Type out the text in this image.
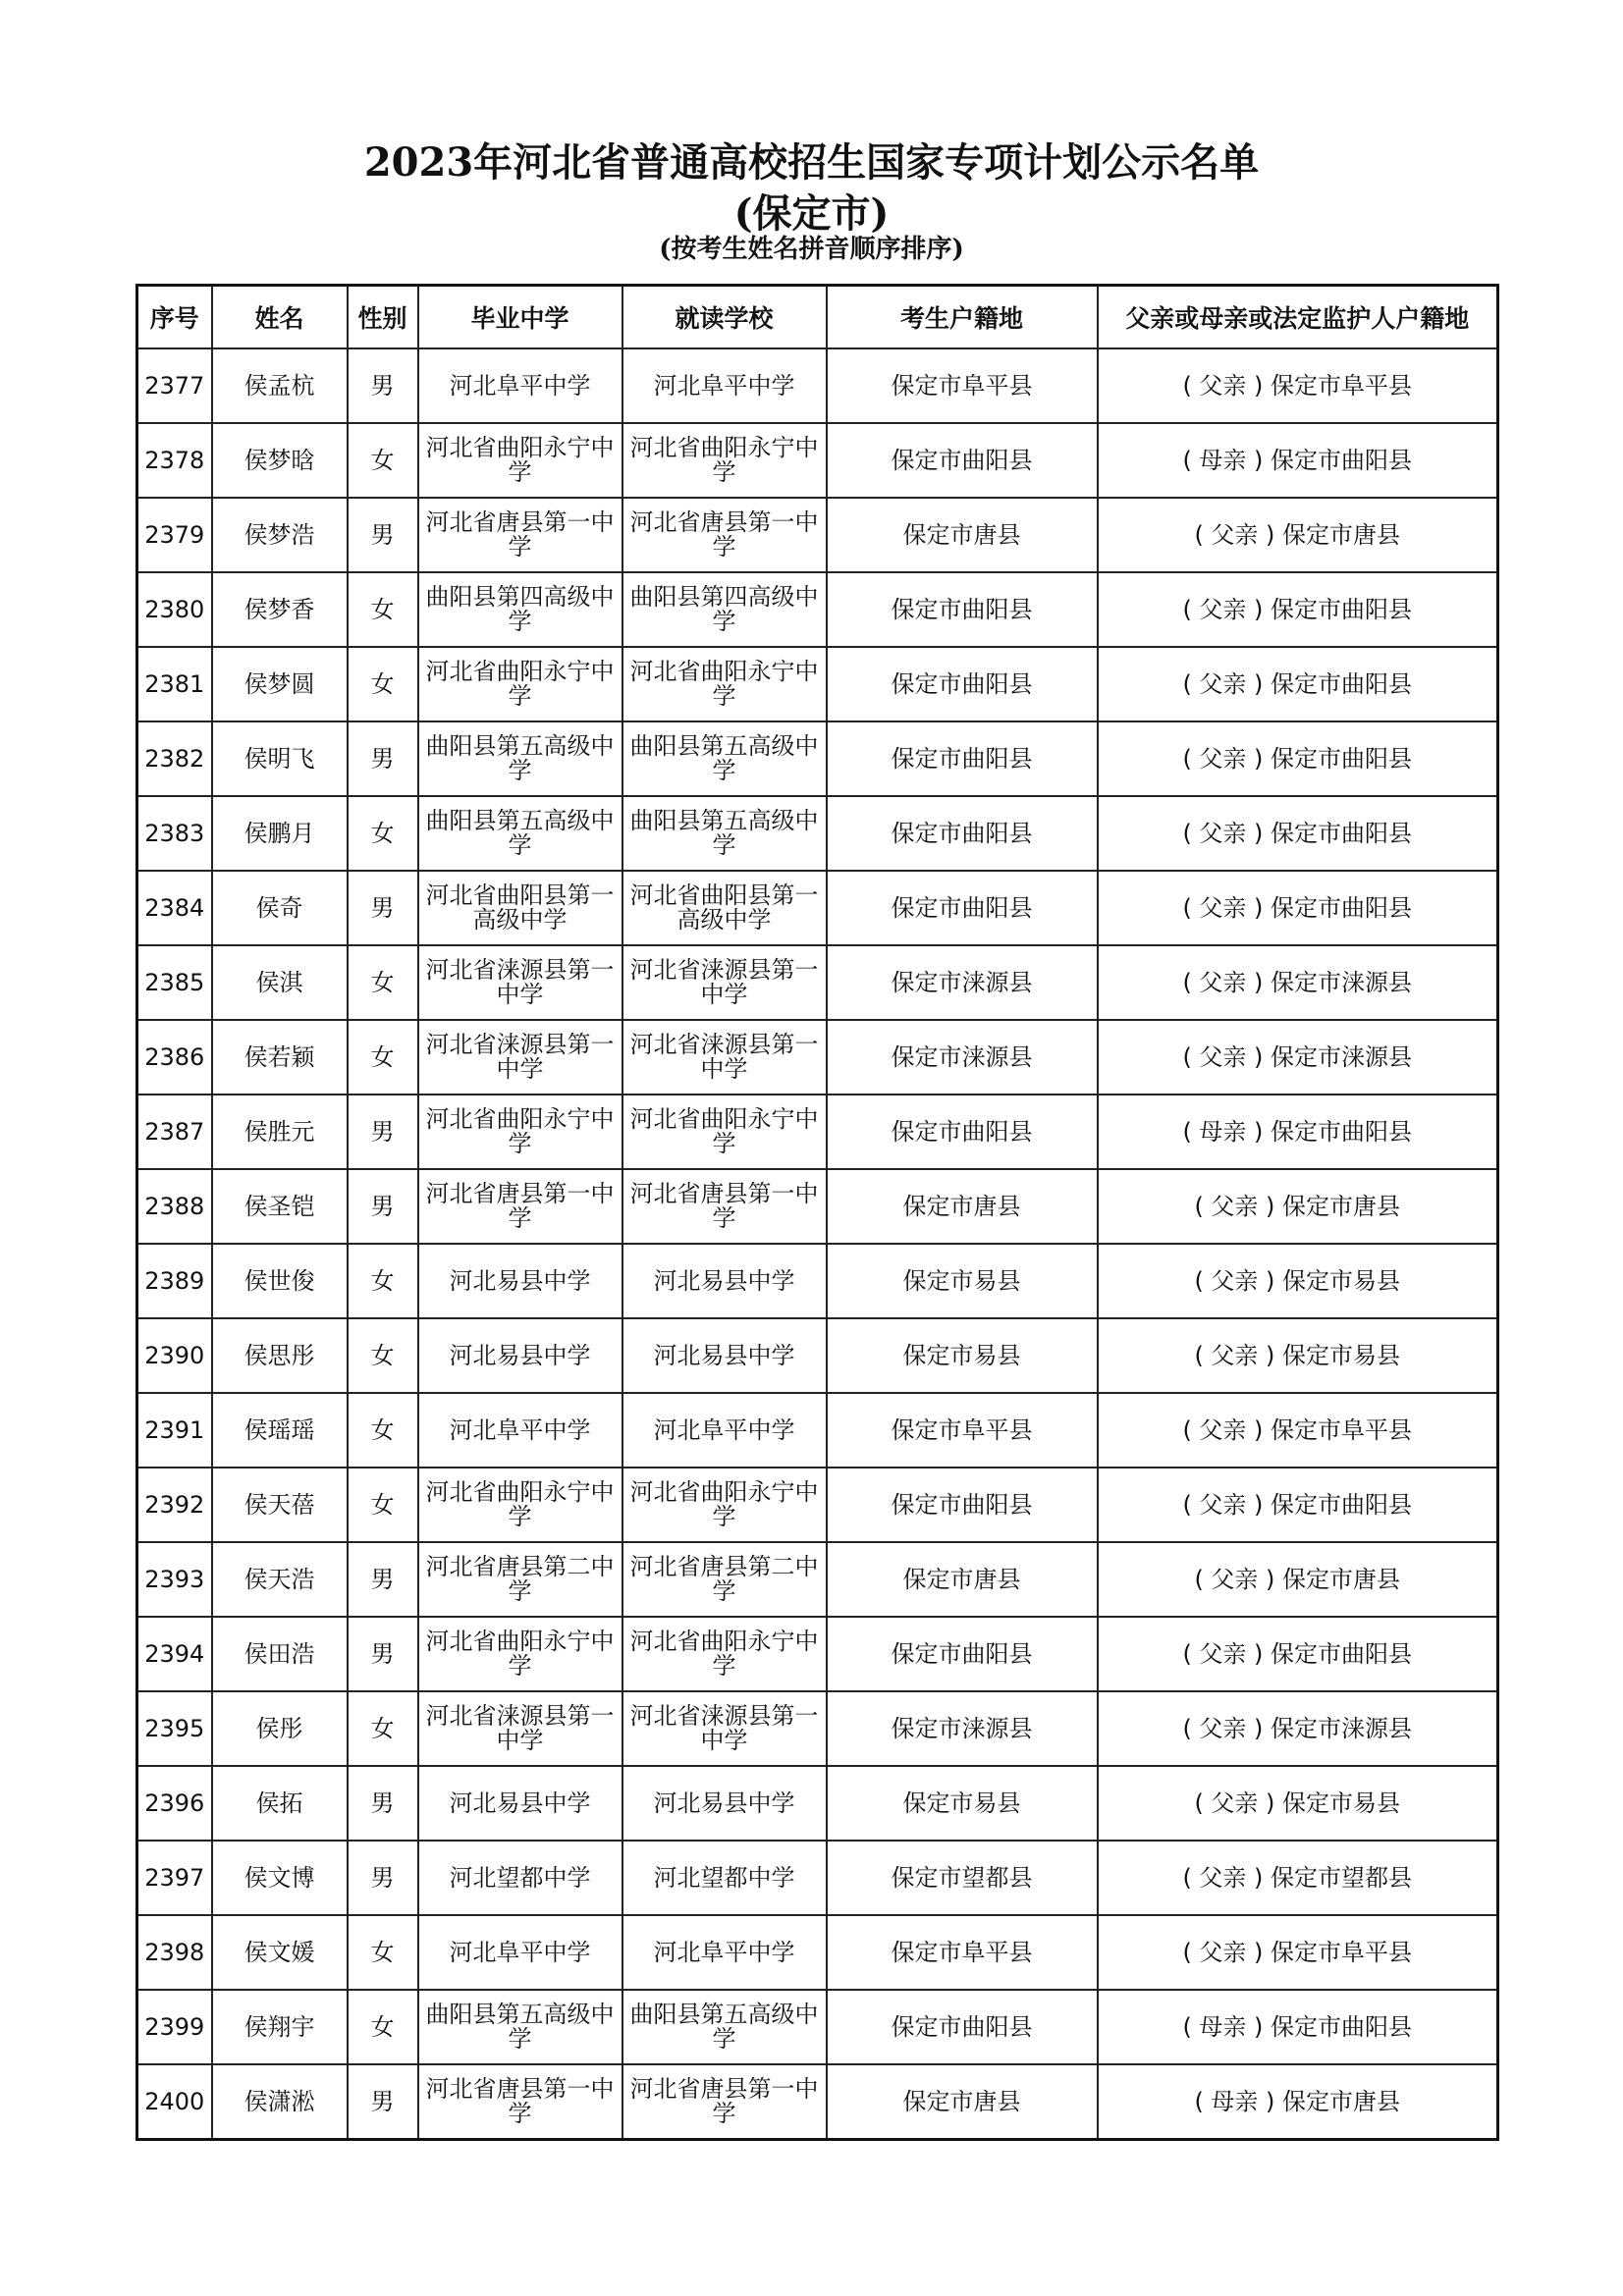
2023年河北省普通高校招生国家专项计划公示名单
(保定市)
(按考生姓名拼音顺序排序)
序号	姓名	性别	毕业中学	就读学校	考生户籍地	父亲或母亲或法定监护人户籍地
2377	侯孟杭	男	河北阜平中学	河北阜平中学	保定市阜平县	( 父亲 ) 保定市阜平县
2378	侯梦晗	女	河北省曲阳永宁中学	河北省曲阳永宁中学	保定市曲阳县	( 母亲 ) 保定市曲阳县
2379	侯梦浩	男	河北省唐县第一中学	河北省唐县第一中学	保定市唐县	( 父亲 ) 保定市唐县
2380	侯梦香	女	曲阳县第四高级中学	曲阳县第四高级中学	保定市曲阳县	( 父亲 ) 保定市曲阳县
2381	侯梦圆	女	河北省曲阳永宁中学	河北省曲阳永宁中学	保定市曲阳县	( 父亲 ) 保定市曲阳县
2382	侯明飞	男	曲阳县第五高级中学	曲阳县第五高级中学	保定市曲阳县	( 父亲 ) 保定市曲阳县
2383	侯鹏月	女	曲阳县第五高级中学	曲阳县第五高级中学	保定市曲阳县	( 父亲 ) 保定市曲阳县
2384	侯奇	男	河北省曲阳县第一高级中学	河北省曲阳县第一高级中学	保定市曲阳县	( 父亲 ) 保定市曲阳县
2385	侯淇	女	河北省涞源县第一中学	河北省涞源县第一中学	保定市涞源县	( 父亲 ) 保定市涞源县
2386	侯若颖	女	河北省涞源县第一中学	河北省涞源县第一中学	保定市涞源县	( 父亲 ) 保定市涞源县
2387	侯胜元	男	河北省曲阳永宁中学	河北省曲阳永宁中学	保定市曲阳县	( 母亲 ) 保定市曲阳县
2388	侯圣铠	男	河北省唐县第一中学	河北省唐县第一中学	保定市唐县	( 父亲 ) 保定市唐县
2389	侯世俊	女	河北易县中学	河北易县中学	保定市易县	( 父亲 ) 保定市易县
2390	侯思彤	女	河北易县中学	河北易县中学	保定市易县	( 父亲 ) 保定市易县
2391	侯瑶瑶	女	河北阜平中学	河北阜平中学	保定市阜平县	( 父亲 ) 保定市阜平县
2392	侯天蓓	女	河北省曲阳永宁中学	河北省曲阳永宁中学	保定市曲阳县	( 父亲 ) 保定市曲阳县
2393	侯天浩	男	河北省唐县第二中学	河北省唐县第二中学	保定市唐县	( 父亲 ) 保定市唐县
2394	侯田浩	男	河北省曲阳永宁中学	河北省曲阳永宁中学	保定市曲阳县	( 父亲 ) 保定市曲阳县
2395	侯彤	女	河北省涞源县第一中学	河北省涞源县第一中学	保定市涞源县	( 父亲 ) 保定市涞源县
2396	侯拓	男	河北易县中学	河北易县中学	保定市易县	( 父亲 ) 保定市易县
2397	侯文博	男	河北望都中学	河北望都中学	保定市望都县	( 父亲 ) 保定市望都县
2398	侯文媛	女	河北阜平中学	河北阜平中学	保定市阜平县	( 父亲 ) 保定市阜平县
2399	侯翔宇	女	曲阳县第五高级中学	曲阳县第五高级中学	保定市曲阳县	( 母亲 ) 保定市曲阳县
2400	侯潇淞	男	河北省唐县第一中学	河北省唐县第一中学	保定市唐县	( 母亲 ) 保定市唐县
